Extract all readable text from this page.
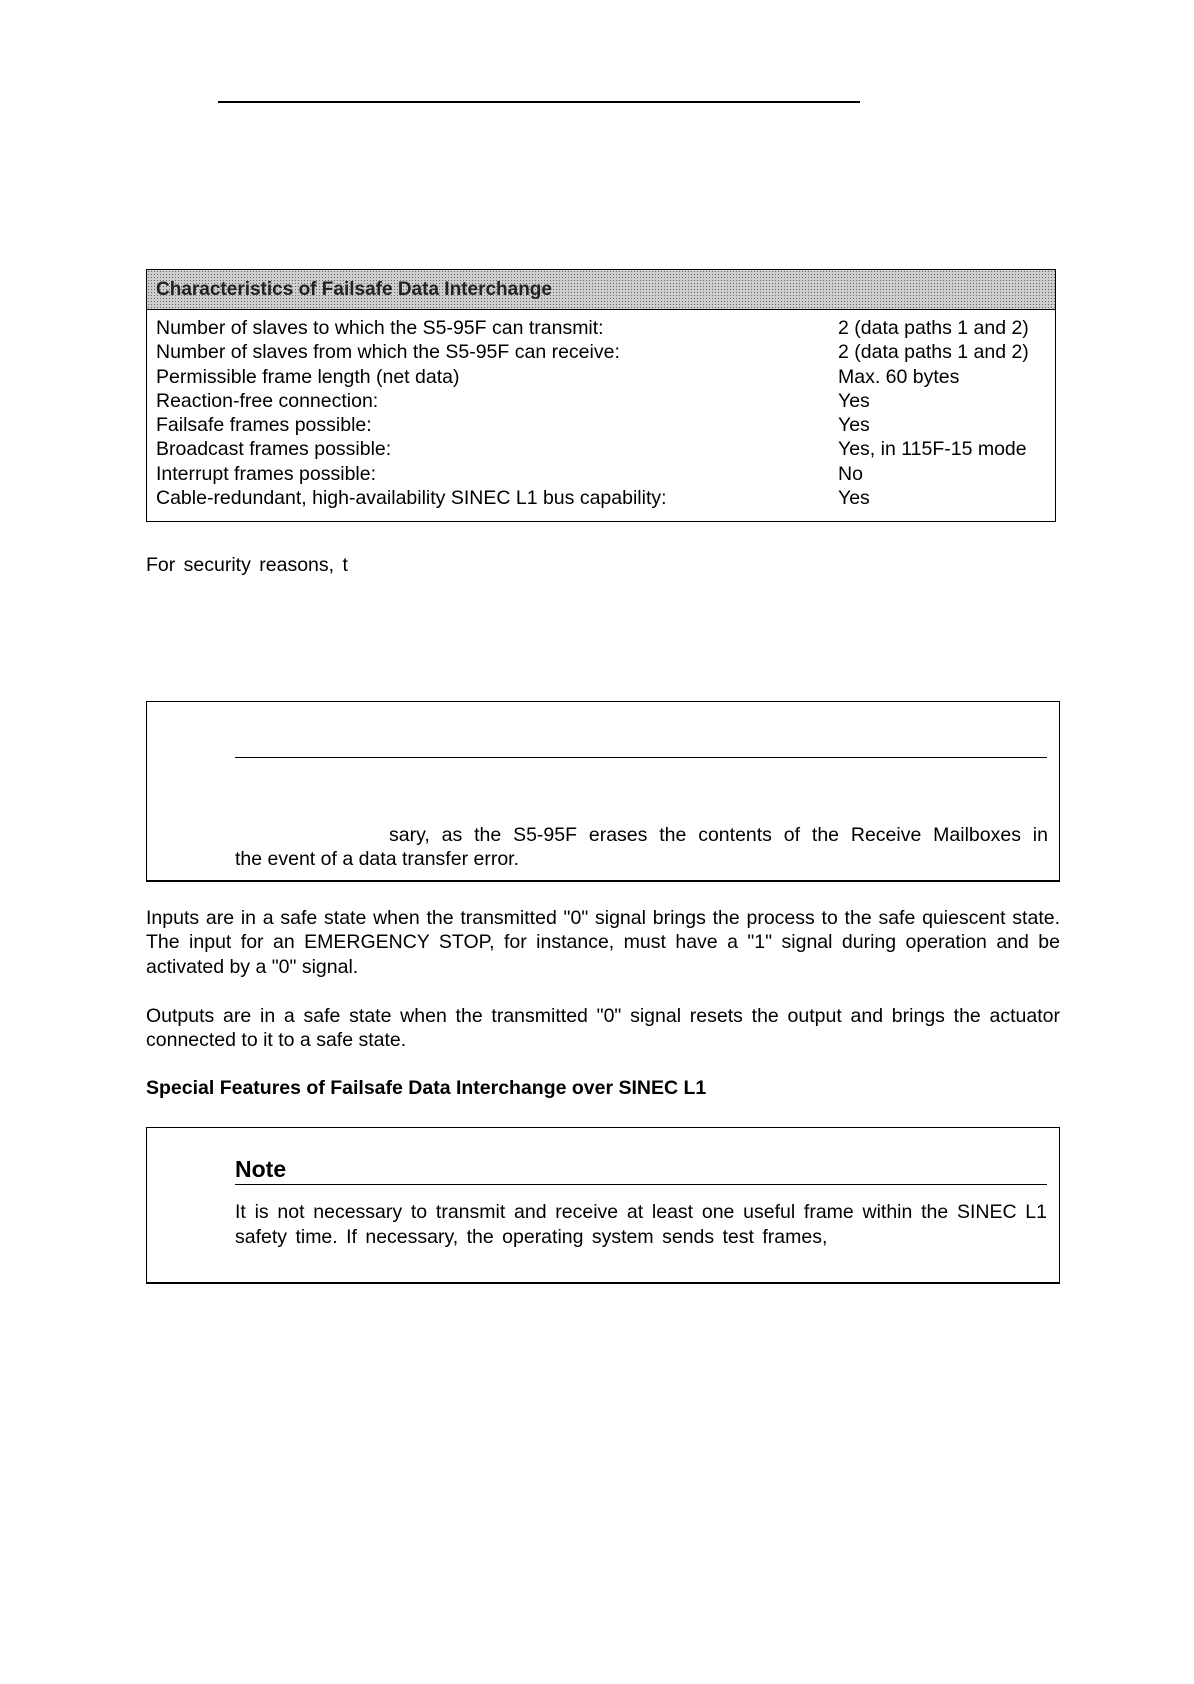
Characteristics of Failsafe Data Interchange
Number of slaves to which the S5-95F can transmit:	2 (data paths 1 and 2)
Number of slaves from which the S5-95F can receive:	2 (data paths 1 and 2)
Permissible frame length (net data)	Max. 60 bytes
Reaction-free connection:	Yes
Failsafe frames possible:	Yes
Broadcast frames possible:	Yes, in 115F-15 mode
Interrupt frames possible:	No
Cable-redundant, high-availability SINEC L1 bus capability:	Yes
For security reasons, t
sary, as the S5-95F erases the contents of the Receive Mailboxes in
the event of a data transfer error.
Inputs are in a safe state when the transmitted "0" signal brings the process to the safe quiescent state. The input for an EMERGENCY STOP, for instance, must have a "1" signal during operation and be activated by a "0" signal.
Outputs are in a safe state when the transmitted "0" signal resets the output and brings the actuator connected to it to a safe state.
Special Features of Failsafe Data Interchange over SINEC L1
Note
It is not necessary to transmit and receive at least one useful frame within the SINEC L1
safety time. If necessary, the operating system sends test frames,
